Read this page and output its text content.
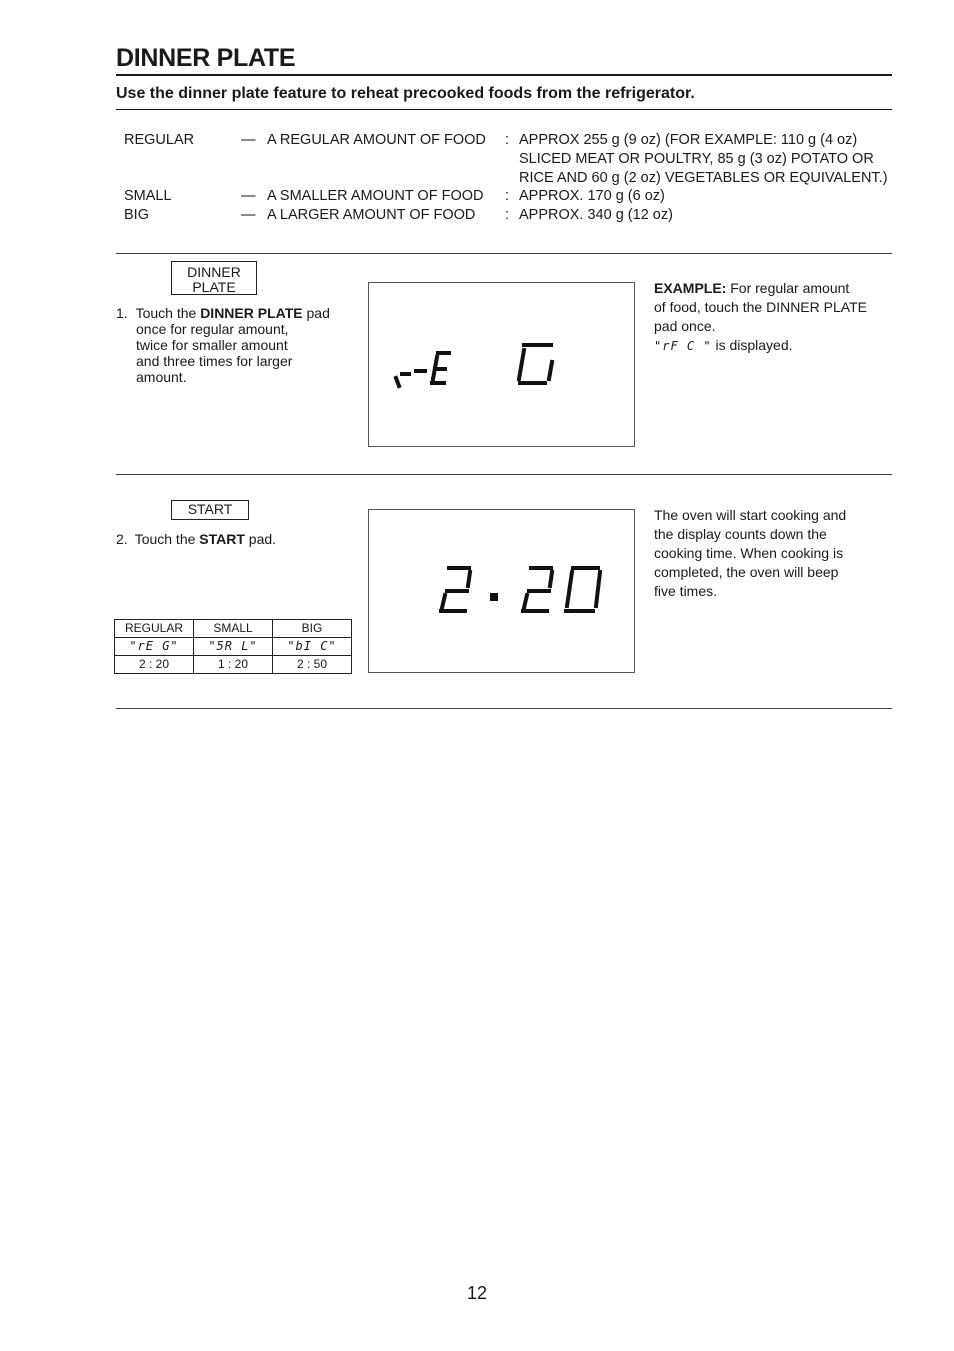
DINNER PLATE
Use the dinner plate feature to reheat precooked foods from the refrigerator.
REGULAR	— A REGULAR AMOUNT OF FOOD : APPROX 255 g (9 oz) (FOR EXAMPLE: 110 g (4 oz)
SLICED MEAT OR POULTRY, 85 g (3 oz) POTATO OR
RICE AND 60 g (2 oz) VEGETABLES OR EQUIVALENT.)
SMALL	— A SMALLER AMOUNT OF FOOD : APPROX. 170 g (6 oz)
BIG	— A LARGER AMOUNT OF FOOD : APPROX. 340 g (12 oz)
DINNER
PLATE
1. Touch the DINNER PLATE pad
once for regular amount,
twice for smaller amount
and three times for larger
amount.
EXAMPLE: For regular amount
of food, touch the DINNER PLATE
pad once.
"rF C " is displayed.
START
2. Touch the START pad.
REGULAR	SMALL	BIG
"rE G"	"5R L"	"bI C"
2 : 20	1 : 20	2 : 50
The oven will start cooking and
the display counts down the
cooking time. When cooking is
completed, the oven will beep
five times.
12
